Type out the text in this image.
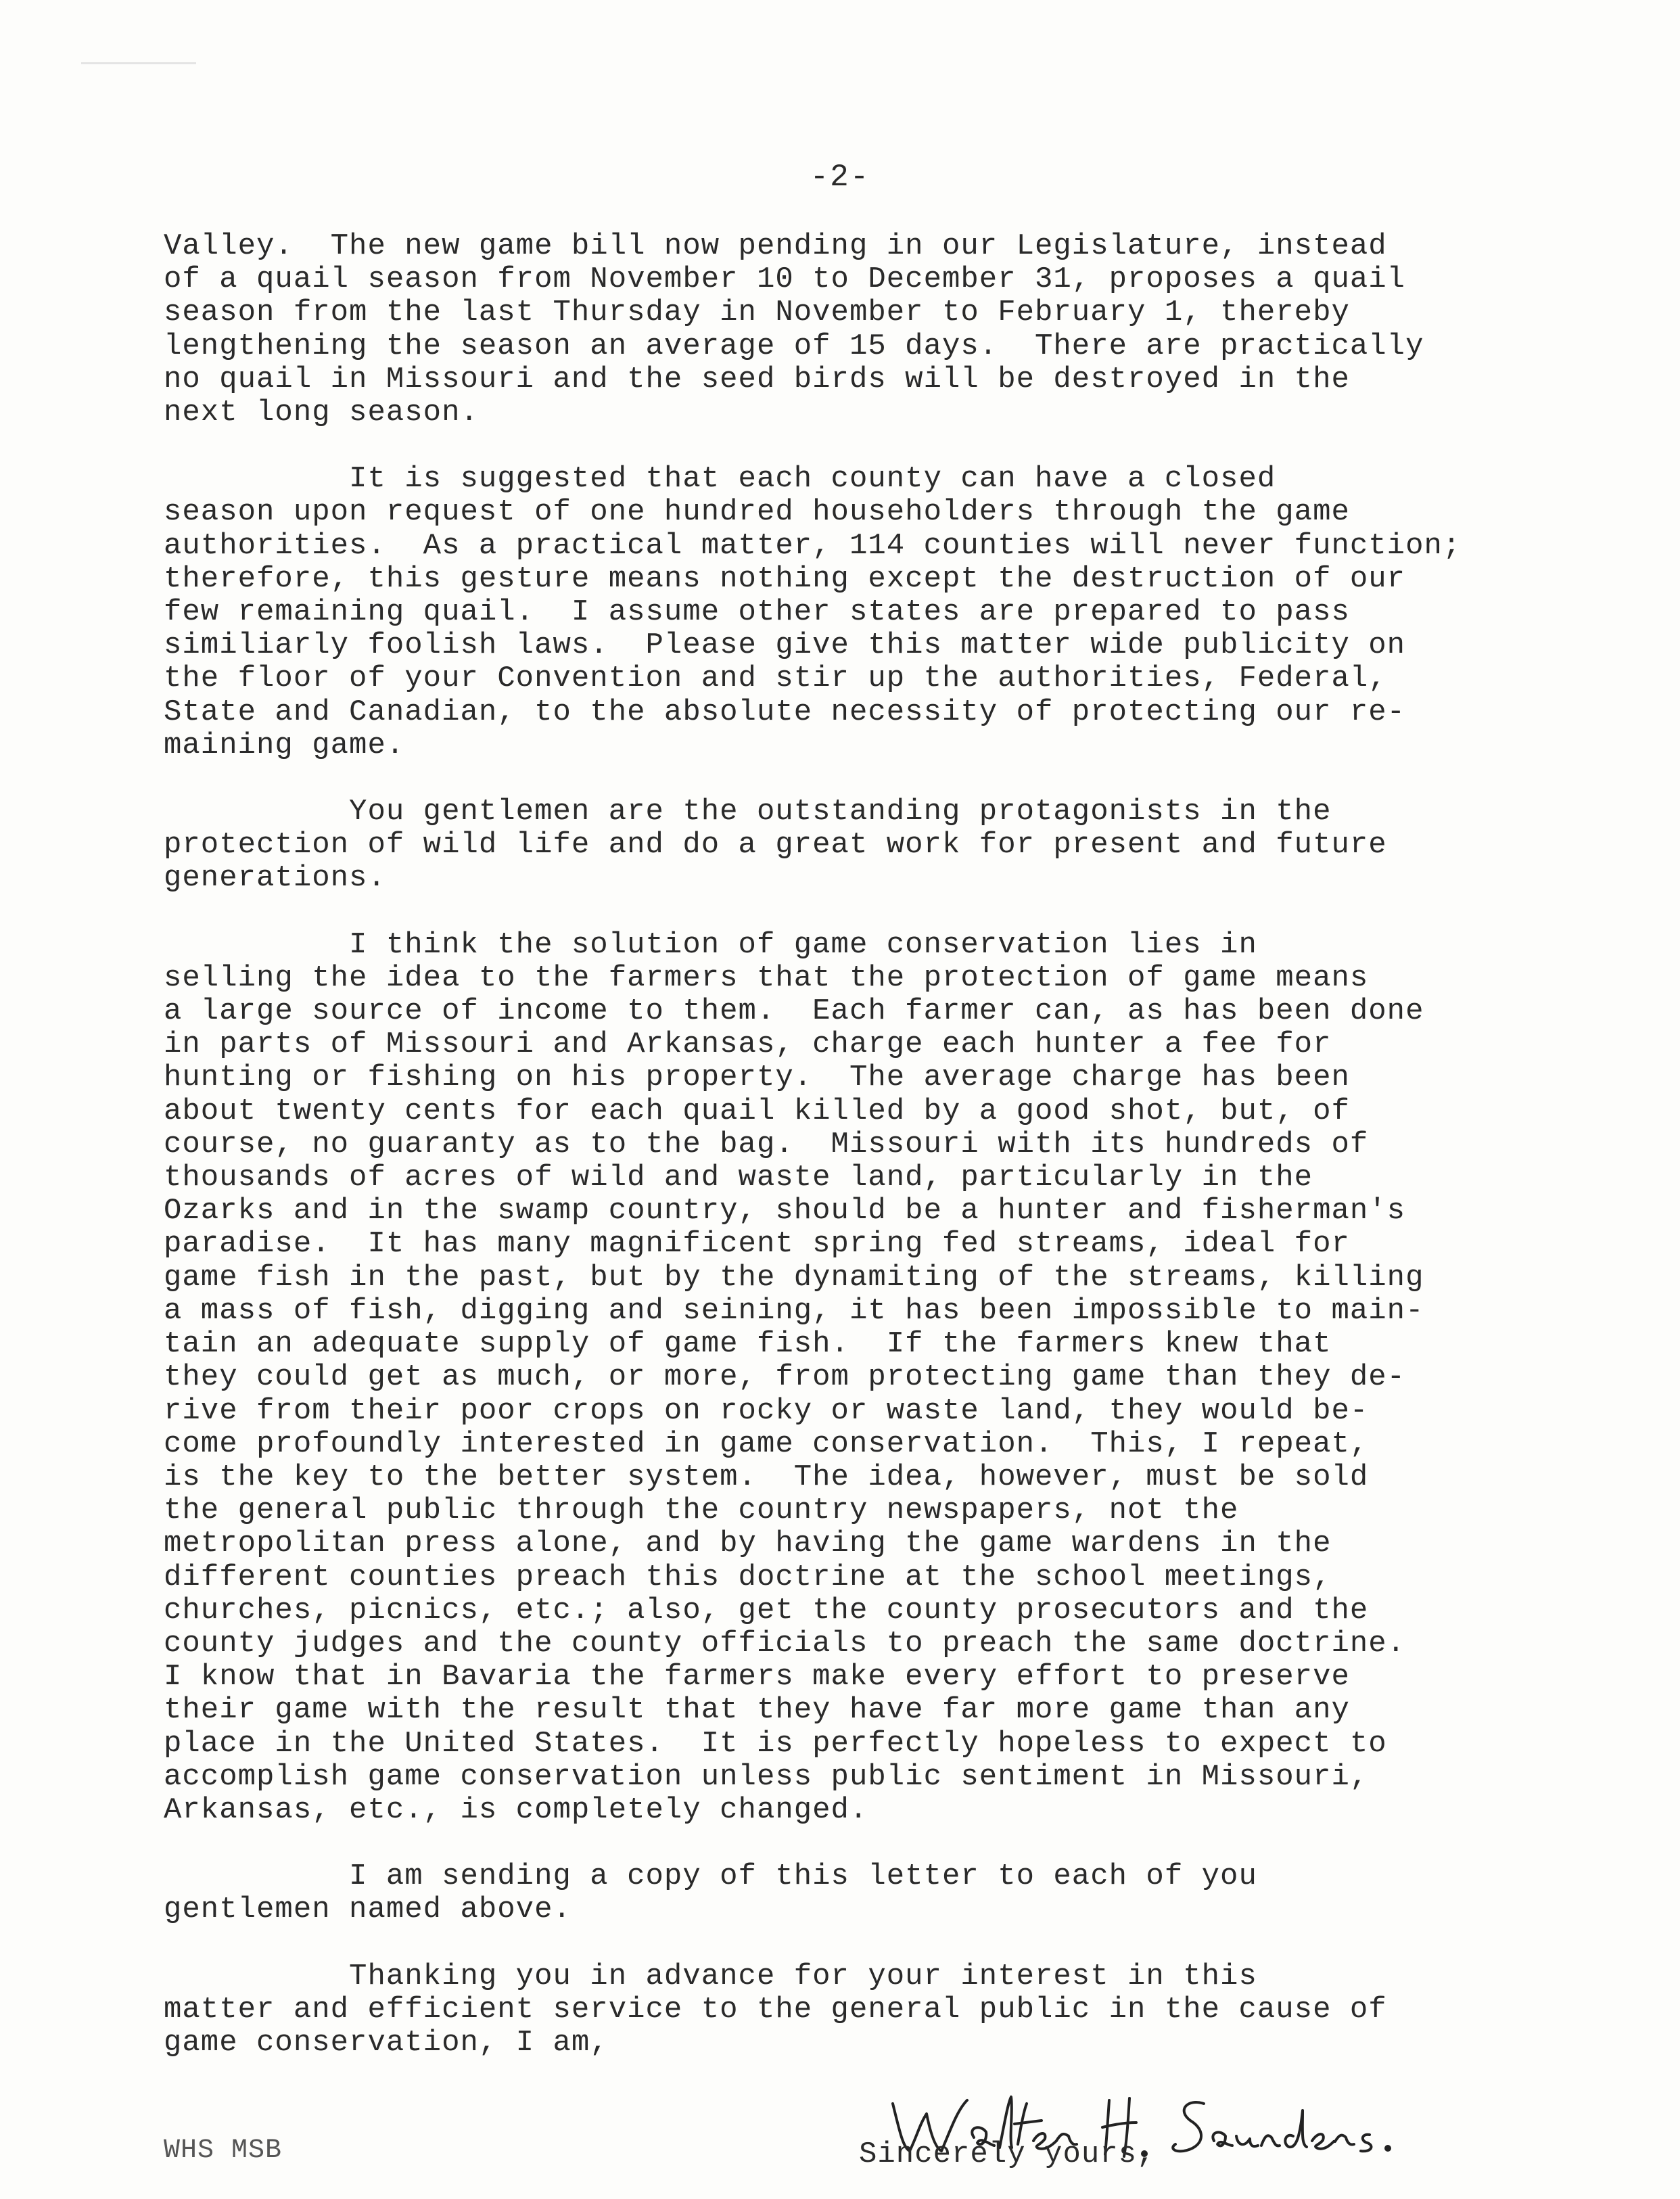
-2-

Valley.  The new game bill now pending in our Legislature, instead
of a quail season from November 10 to December 31, proposes a quail
season from the last Thursday in November to February 1, thereby
lengthening the season an average of 15 days.  There are practically
no quail in Missouri and the seed birds will be destroyed in the
next long season.

It is suggested that each county can have a closed
season upon request of one hundred householders through the game
authorities.  As a practical matter, 114 counties will never function;
therefore, this gesture means nothing except the destruction of our
few remaining quail.  I assume other states are prepared to pass
similiarly foolish laws.  Please give this matter wide publicity on
the floor of your Convention and stir up the authorities, Federal,
State and Canadian, to the absolute necessity of protecting our re-
maining game.

You gentlemen are the outstanding protagonists in the
protection of wild life and do a great work for present and future
generations.

I think the solution of game conservation lies in
selling the idea to the farmers that the protection of game means
a large source of income to them.  Each farmer can, as has been done
in parts of Missouri and Arkansas, charge each hunter a fee for
hunting or fishing on his property.  The average charge has been
about twenty cents for each quail killed by a good shot, but, of
course, no guaranty as to the bag.  Missouri with its hundreds of
thousands of acres of wild and waste land, particularly in the
Ozarks and in the swamp country, should be a hunter and fisherman's
paradise.  It has many magnificent spring fed streams, ideal for
game fish in the past, but by the dynamiting of the streams, killing
a mass of fish, digging and seining, it has been impossible to main-
tain an adequate supply of game fish.  If the farmers knew that
they could get as much, or more, from protecting game than they de-
rive from their poor crops on rocky or waste land, they would be-
come profoundly interested in game conservation.  This, I repeat,
is the key to the better system.  The idea, however, must be sold
the general public through the country newspapers, not the
metropolitan press alone, and by having the game wardens in the
different counties preach this doctrine at the school meetings,
churches, picnics, etc.; also, get the county prosecutors and the
county judges and the county officials to preach the same doctrine.
I know that in Bavaria the farmers make every effort to preserve
their game with the result that they have far more game than any
place in the United States.  It is perfectly hopeless to expect to
accomplish game conservation unless public sentiment in Missouri,
Arkansas, etc., is completely changed.

I am sending a copy of this letter to each of you
gentlemen named above.

Thanking you in advance for your interest in this
matter and efficient service to the general public in the cause of
game conservation, I am,

WHS MSB	Sincerely yours,
